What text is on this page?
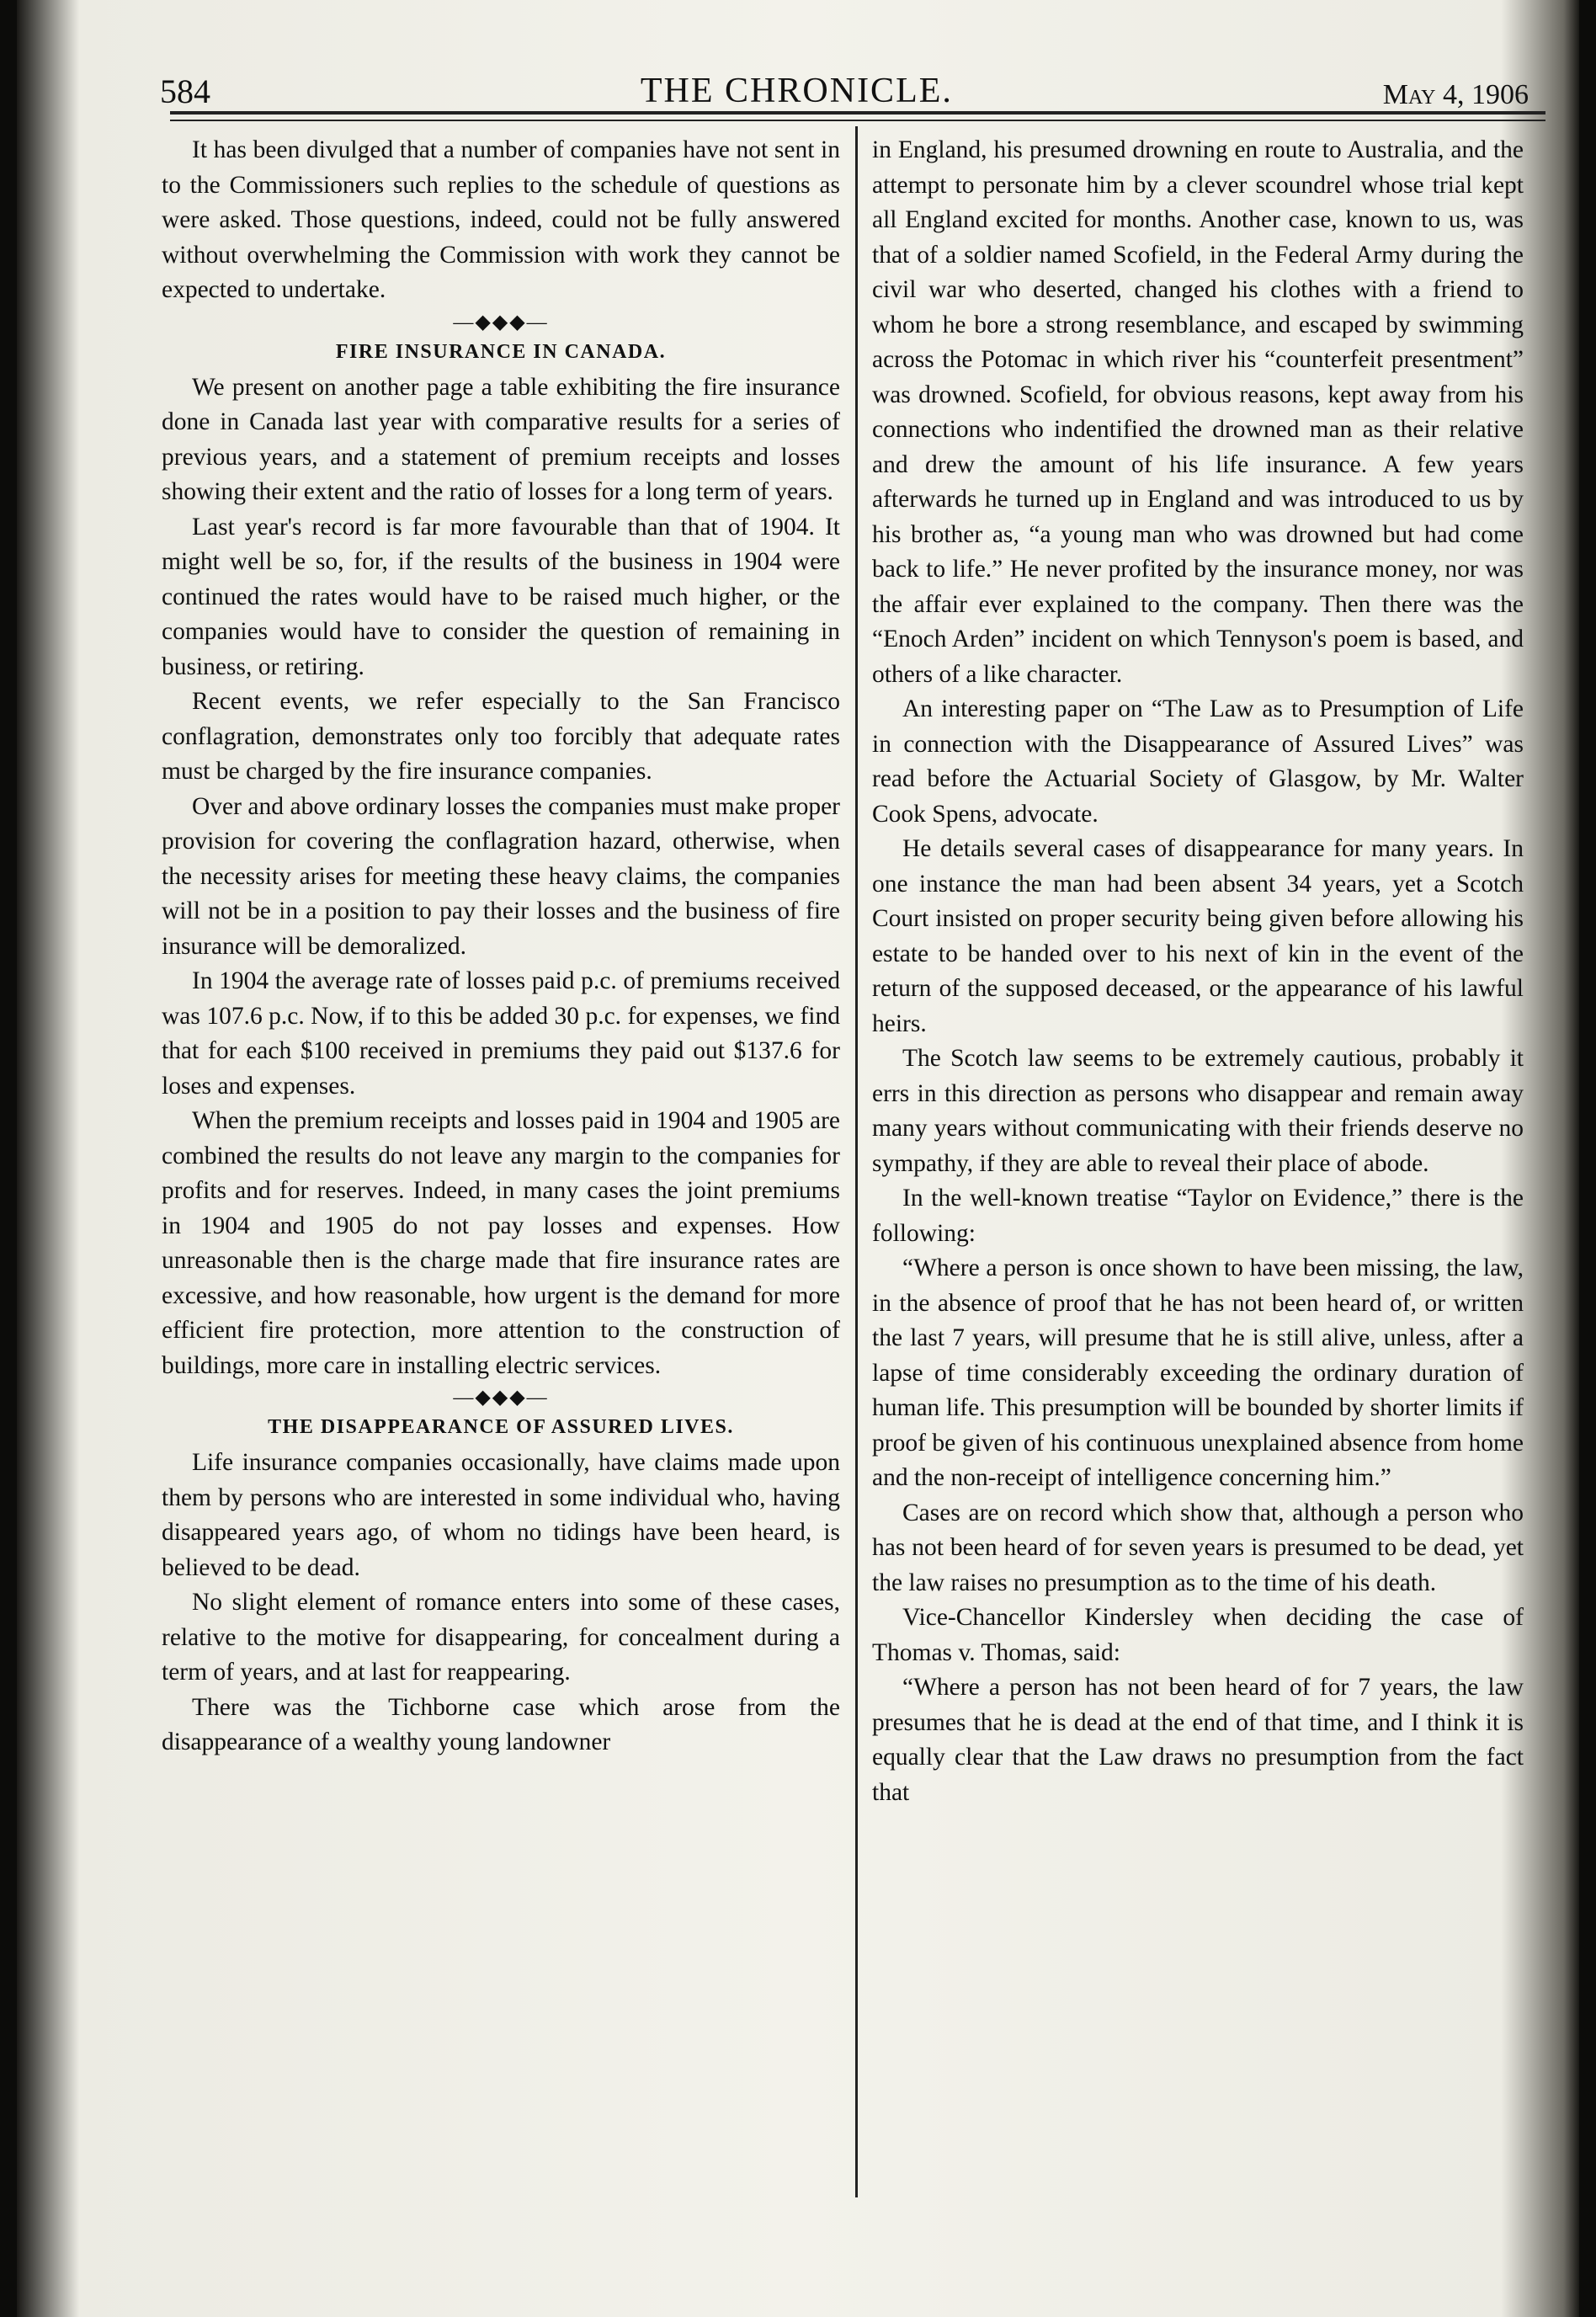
584	THE CHRONICLE.	May 4, 1906

It has been divulged that a number of companies have not sent in to the Commissioners such replies to the schedule of questions as were asked. Those questions, indeed, could not be fully answered without overwhelming the Commission with work they cannot be expected to undertake.

—◆◆◆—
FIRE INSURANCE IN CANADA.

We present on another page a table exhibiting the fire insurance done in Canada last year with comparative results for a series of previous years, and a statement of premium receipts and losses showing their extent and the ratio of losses for a long term of years.

Last year's record is far more favourable than that of 1904. It might well be so, for, if the results of the business in 1904 were continued the rates would have to be raised much higher, or the companies would have to consider the question of remaining in business, or retiring.

Recent events, we refer especially to the San Francisco conflagration, demonstrates only too forcibly that adequate rates must be charged by the fire insurance companies.

Over and above ordinary losses the companies must make proper provision for covering the conflagration hazard, otherwise, when the necessity arises for meeting these heavy claims, the companies will not be in a position to pay their losses and the business of fire insurance will be demoralized.

In 1904 the average rate of losses paid p.c. of premiums received was 107.6 p.c. Now, if to this be added 30 p.c. for expenses, we find that for each $100 received in premiums they paid out $137.6 for loses and expenses.

When the premium receipts and losses paid in 1904 and 1905 are combined the results do not leave any margin to the companies for profits and for reserves. Indeed, in many cases the joint premiums in 1904 and 1905 do not pay losses and expenses. How unreasonable then is the charge made that fire insurance rates are excessive, and how reasonable, how urgent is the demand for more efficient fire protection, more attention to the construction of buildings, more care in installing electric services.

—◆◆◆—
THE DISAPPEARANCE OF ASSURED LIVES.

Life insurance companies occasionally, have claims made upon them by persons who are interested in some individual who, having disappeared years ago, of whom no tidings have been heard, is believed to be dead.

No slight element of romance enters into some of these cases, relative to the motive for disappearing, for concealment during a term of years, and at last for reappearing.

There was the Tichborne case which arose from the disappearance of a wealthy young landowner

in England, his presumed drowning en route to Australia, and the attempt to personate him by a clever scoundrel whose trial kept all England excited for months. Another case, known to us, was that of a soldier named Scofield, in the Federal Army during the civil war who deserted, changed his clothes with a friend to whom he bore a strong resemblance, and escaped by swimming across the Potomac in which river his “counterfeit presentment” was drowned. Scofield, for obvious reasons, kept away from his connections who indentified the drowned man as their relative and drew the amount of his life insurance. A few years afterwards he turned up in England and was introduced to us by his brother as, “a young man who was drowned but had come back to life.” He never profited by the insurance money, nor was the affair ever explained to the company. Then there was the “Enoch Arden” incident on which Tennyson's poem is based, and others of a like character.

An interesting paper on “The Law as to Presumption of Life in connection with the Disappearance of Assured Lives” was read before the Actuarial Society of Glasgow, by Mr. Walter Cook Spens, advocate.

He details several cases of disappearance for many years. In one instance the man had been absent 34 years, yet a Scotch Court insisted on proper security being given before allowing his estate to be handed over to his next of kin in the event of the return of the supposed deceased, or the appearance of his lawful heirs.

The Scotch law seems to be extremely cautious, probably it errs in this direction as persons who disappear and remain away many years without communicating with their friends deserve no sympathy, if they are able to reveal their place of abode.

In the well-known treatise “Taylor on Evidence,” there is the following:

“Where a person is once shown to have been missing, the law, in the absence of proof that he has not been heard of, or written the last 7 years, will presume that he is still alive, unless, after a lapse of time considerably exceeding the ordinary duration of human life. This presumption will be bounded by shorter limits if proof be given of his continuous unexplained absence from home and the non-receipt of intelligence concerning him.”

Cases are on record which show that, although a person who has not been heard of for seven years is presumed to be dead, yet the law raises no presumption as to the time of his death.

Vice-Chancellor Kindersley when deciding the case of Thomas v. Thomas, said:

“Where a person has not been heard of for 7 years, the law presumes that he is dead at the end of that time, and I think it is equally clear that the Law draws no presumption from the fact that
